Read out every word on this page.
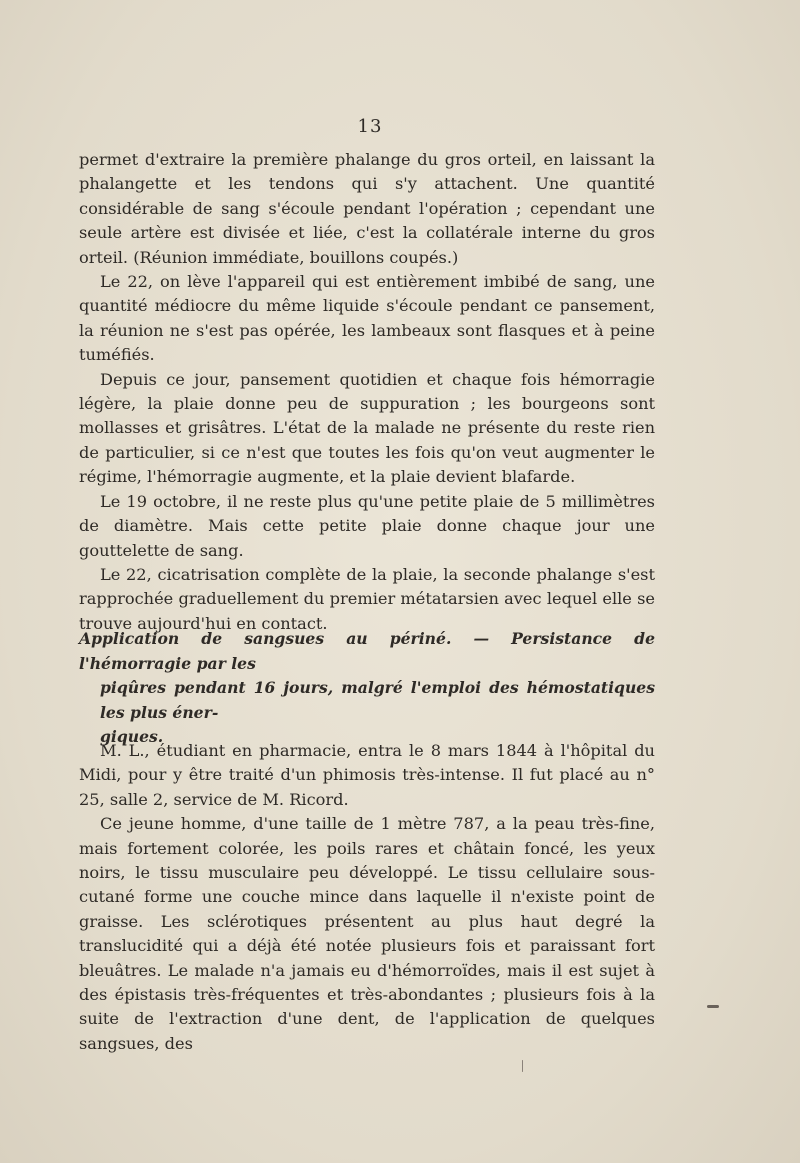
13

permet d'extraire la première phalange du gros orteil, en laissant la phalangette et les tendons qui s'y attachent. Une quantité considérable de sang s'écoule pendant l'opération ; cependant une seule artère est divisée et liée, c'est la collatérale interne du gros orteil. (Réunion immédiate, bouillons coupés.)

Le 22, on lève l'appareil qui est entièrement imbibé de sang, une quantité médiocre du même liquide s'écoule pendant ce pansement, la réunion ne s'est pas opérée, les lambeaux sont flasques et à peine tuméfiés.

Depuis ce jour, pansement quotidien et chaque fois hémorragie légère, la plaie donne peu de suppuration ; les bourgeons sont mollasses et grisâtres. L'état de la malade ne présente du reste rien de particulier, si ce n'est que toutes les fois qu'on veut augmenter le régime, l'hémorragie augmente, et la plaie devient blafarde.

Le 19 octobre, il ne reste plus qu'une petite plaie de 5 millimètres de diamètre. Mais cette petite plaie donne chaque jour une gouttelette de sang.

Le 22, cicatrisation complète de la plaie, la seconde phalange s'est rapprochée graduellement du premier métatarsien avec lequel elle se trouve aujourd'hui en contact.

Application de sangsues au périné. — Persistance de l'hémorragie par les
piqûres pendant 16 jours, malgré l'emploi des hémostatiques les plus éner-
giques.

M. L., étudiant en pharmacie, entra le 8 mars 1844 à l'hôpital du Midi, pour y être traité d'un phimosis très-intense. Il fut placé au n° 25, salle 2, service de M. Ricord.

Ce jeune homme, d'une taille de 1 mètre 787, a la peau très-fine, mais fortement colorée, les poils rares et châtain foncé, les yeux noirs, le tissu musculaire peu développé. Le tissu cellulaire sous-cutané forme une couche mince dans laquelle il n'existe point de graisse. Les sclérotiques présentent au plus haut degré la translucidité qui a déjà été notée plusieurs fois et paraissant fort bleuâtres. Le malade n'a jamais eu d'hémorroïdes, mais il est sujet à des épistasis très-fréquentes et très-abondantes ; plusieurs fois à la suite de l'extraction d'une dent, de l'application de quelques sangsues, des
